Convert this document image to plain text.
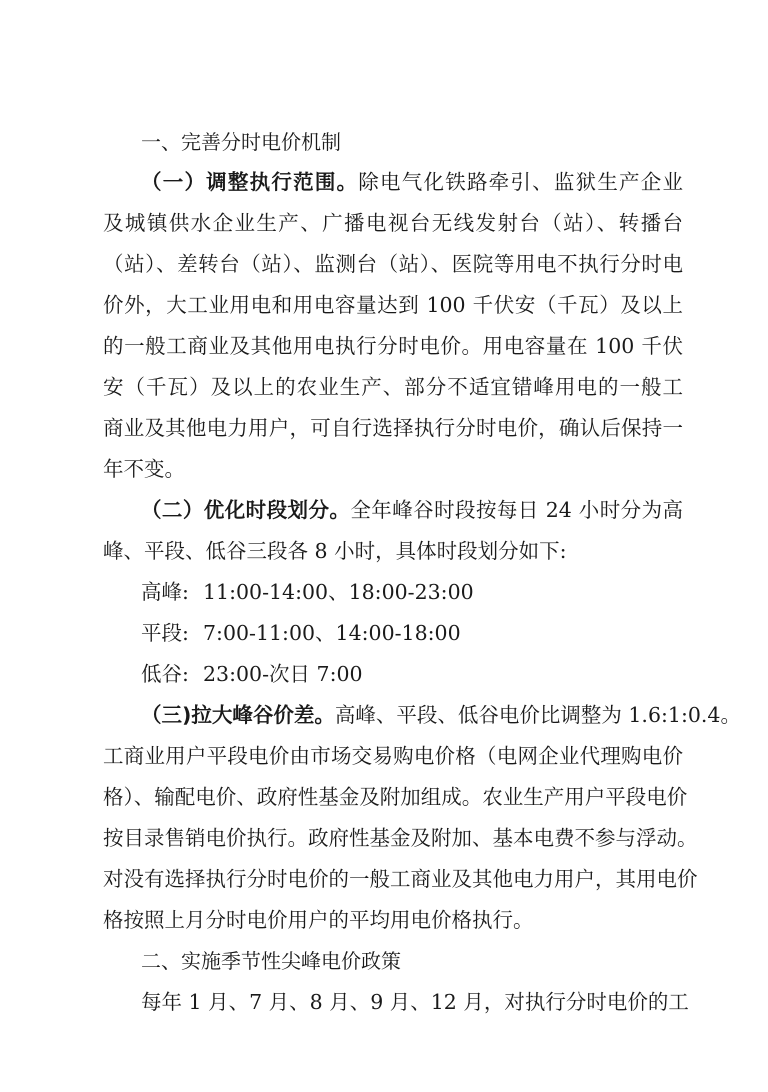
一、完善分时电价机制
（一）调整执行范围。除电气化铁路牵引、监狱生产企业
及城镇供水企业生产、广播电视台无线发射台（站）、转播台
（站）、差转台（站）、监测台（站）、医院等用电不执行分时电
价外，大工业用电和用电容量达到 100 千伏安（千瓦）及以上
的一般工商业及其他用电执行分时电价。用电容量在 100 千伏
安（千瓦）及以上的农业生产、部分不适宜错峰用电的一般工
商业及其他电力用户，可自行选择执行分时电价，确认后保持一
年不变。
（二）优化时段划分。全年峰谷时段按每日 24 小时分为高
峰、平段、低谷三段各 8 小时，具体时段划分如下:
高峰: 11:00-14:00、18:00-23:00
平段: 7:00-11:00、14:00-18:00
低谷: 23:00-次日 7:00
（三)拉大峰谷价差。高峰、平段、低谷电价比调整为 1.6:1:0.4。
工商业用户平段电价由市场交易购电价格（电网企业代理购电价
格）、输配电价、政府性基金及附加组成。农业生产用户平段电价
按目录售销电价执行。政府性基金及附加、基本电费不参与浮动。
对没有选择执行分时电价的一般工商业及其他电力用户，其用电价
格按照上月分时电价用户的平均用电价格执行。
二、实施季节性尖峰电价政策
每年 1 月、7 月、8 月、9 月、12 月，对执行分时电价的工
